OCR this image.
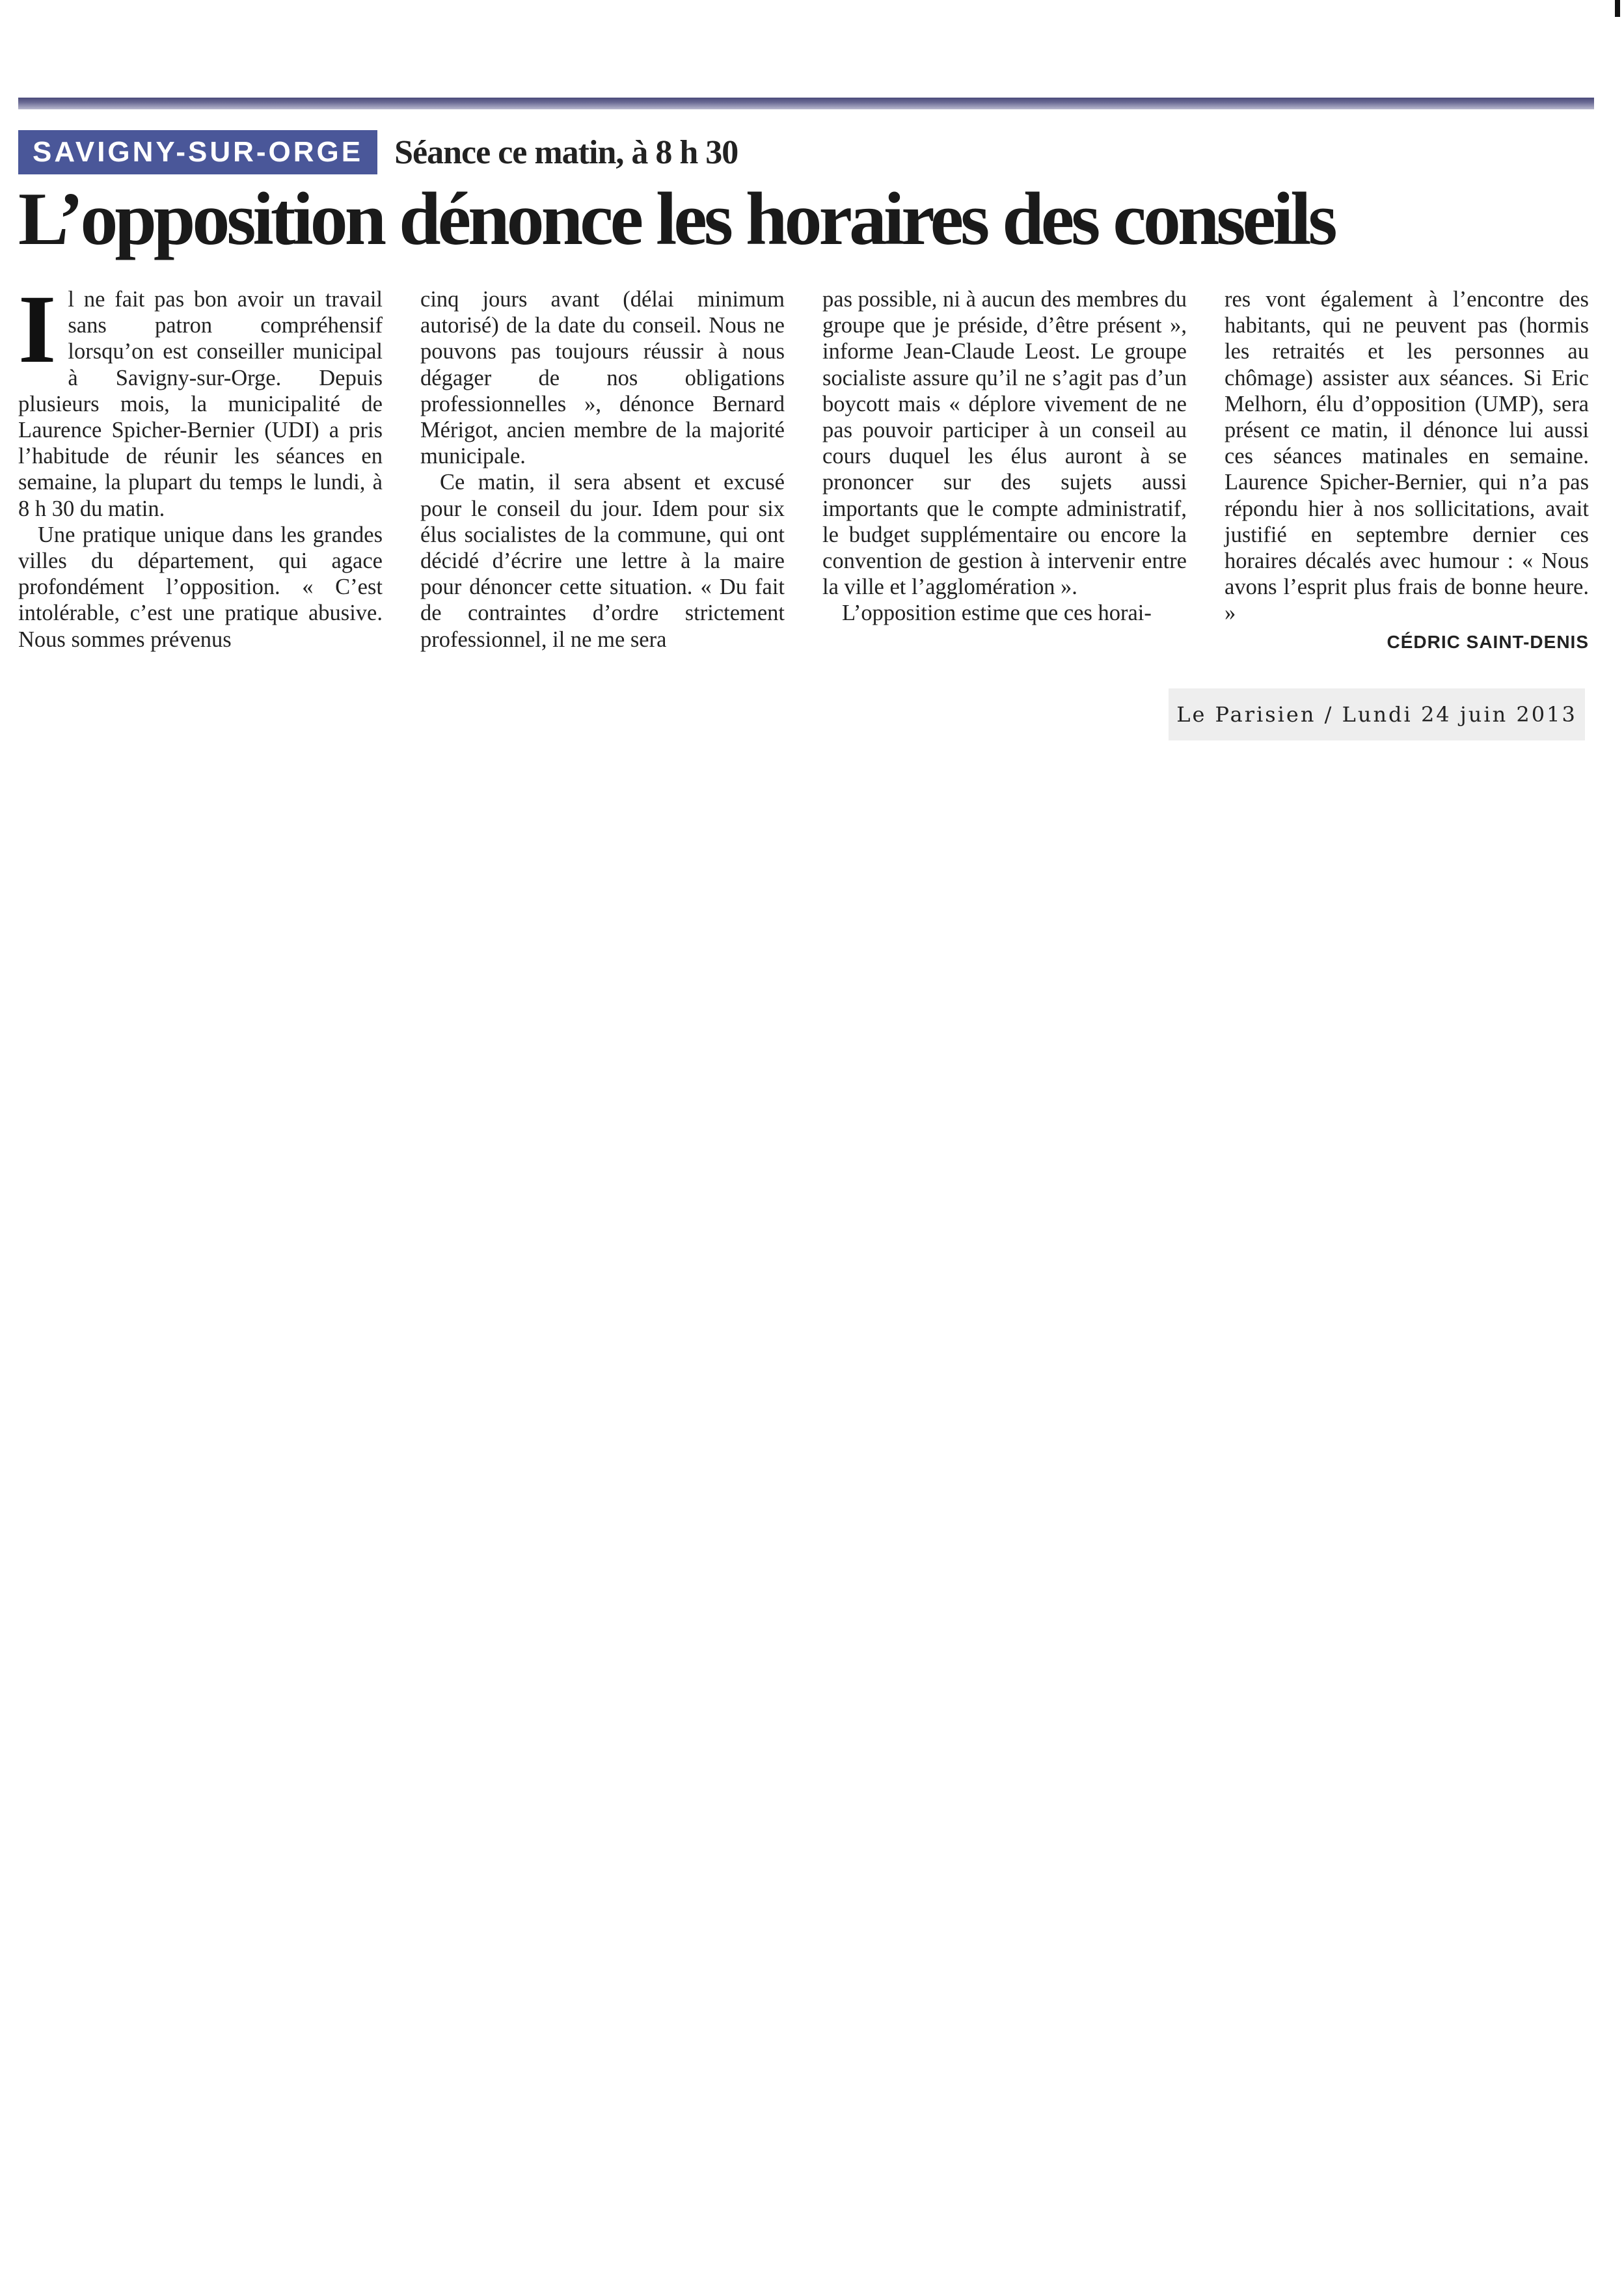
SAVIGNY-SUR-ORGE Séance ce matin, à 8 h 30
L’opposition dénonce les horaires des conseils

Il ne fait pas bon avoir un travail sans patron compréhensif lorsqu’on est conseiller municipal à Savigny-sur-Orge. Depuis plusieurs mois, la municipalité de Laurence Spicher-Bernier (UDI) a pris l’habitude de réunir les séances en semaine, la plupart du temps le lundi, à 8 h 30 du matin.

Une pratique unique dans les grandes villes du département, qui agace profondément l’opposition. « C’est intolérable, c’est une pratique abusive. Nous sommes prévenus

cinq jours avant (délai minimum autorisé) de la date du conseil. Nous ne pouvons pas toujours réussir à nous dégager de nos obligations professionnelles », dénonce Bernard Mérigot, ancien membre de la majorité municipale.

Ce matin, il sera absent et excusé pour le conseil du jour. Idem pour six élus socialistes de la commune, qui ont décidé d’écrire une lettre à la maire pour dénoncer cette situation. « Du fait de contraintes d’ordre strictement professionnel, il ne me sera

pas possible, ni à aucun des membres du groupe que je préside, d’être présent », informe Jean-Claude Leost. Le groupe socialiste assure qu’il ne s’agit pas d’un boycott mais « déplore vivement de ne pas pouvoir participer à un conseil au cours duquel les élus auront à se prononcer sur des sujets aussi importants que le compte administratif, le budget supplémentaire ou encore la convention de gestion à intervenir entre la ville et l’agglomération ».

L’opposition estime que ces horai-

res vont également à l’encontre des habitants, qui ne peuvent pas (hormis les retraités et les personnes au chômage) assister aux séances. Si Eric Melhorn, élu d’opposition (UMP), sera présent ce matin, il dénonce lui aussi ces séances matinales en semaine. Laurence Spicher-Bernier, qui n’a pas répondu hier à nos sollicitations, avait justifié en septembre dernier ces horaires décalés avec humour : « Nous avons l’esprit plus frais de bonne heure. »

CÉDRIC SAINT-DENIS
Le Parisien / Lundi 24 juin 2013
